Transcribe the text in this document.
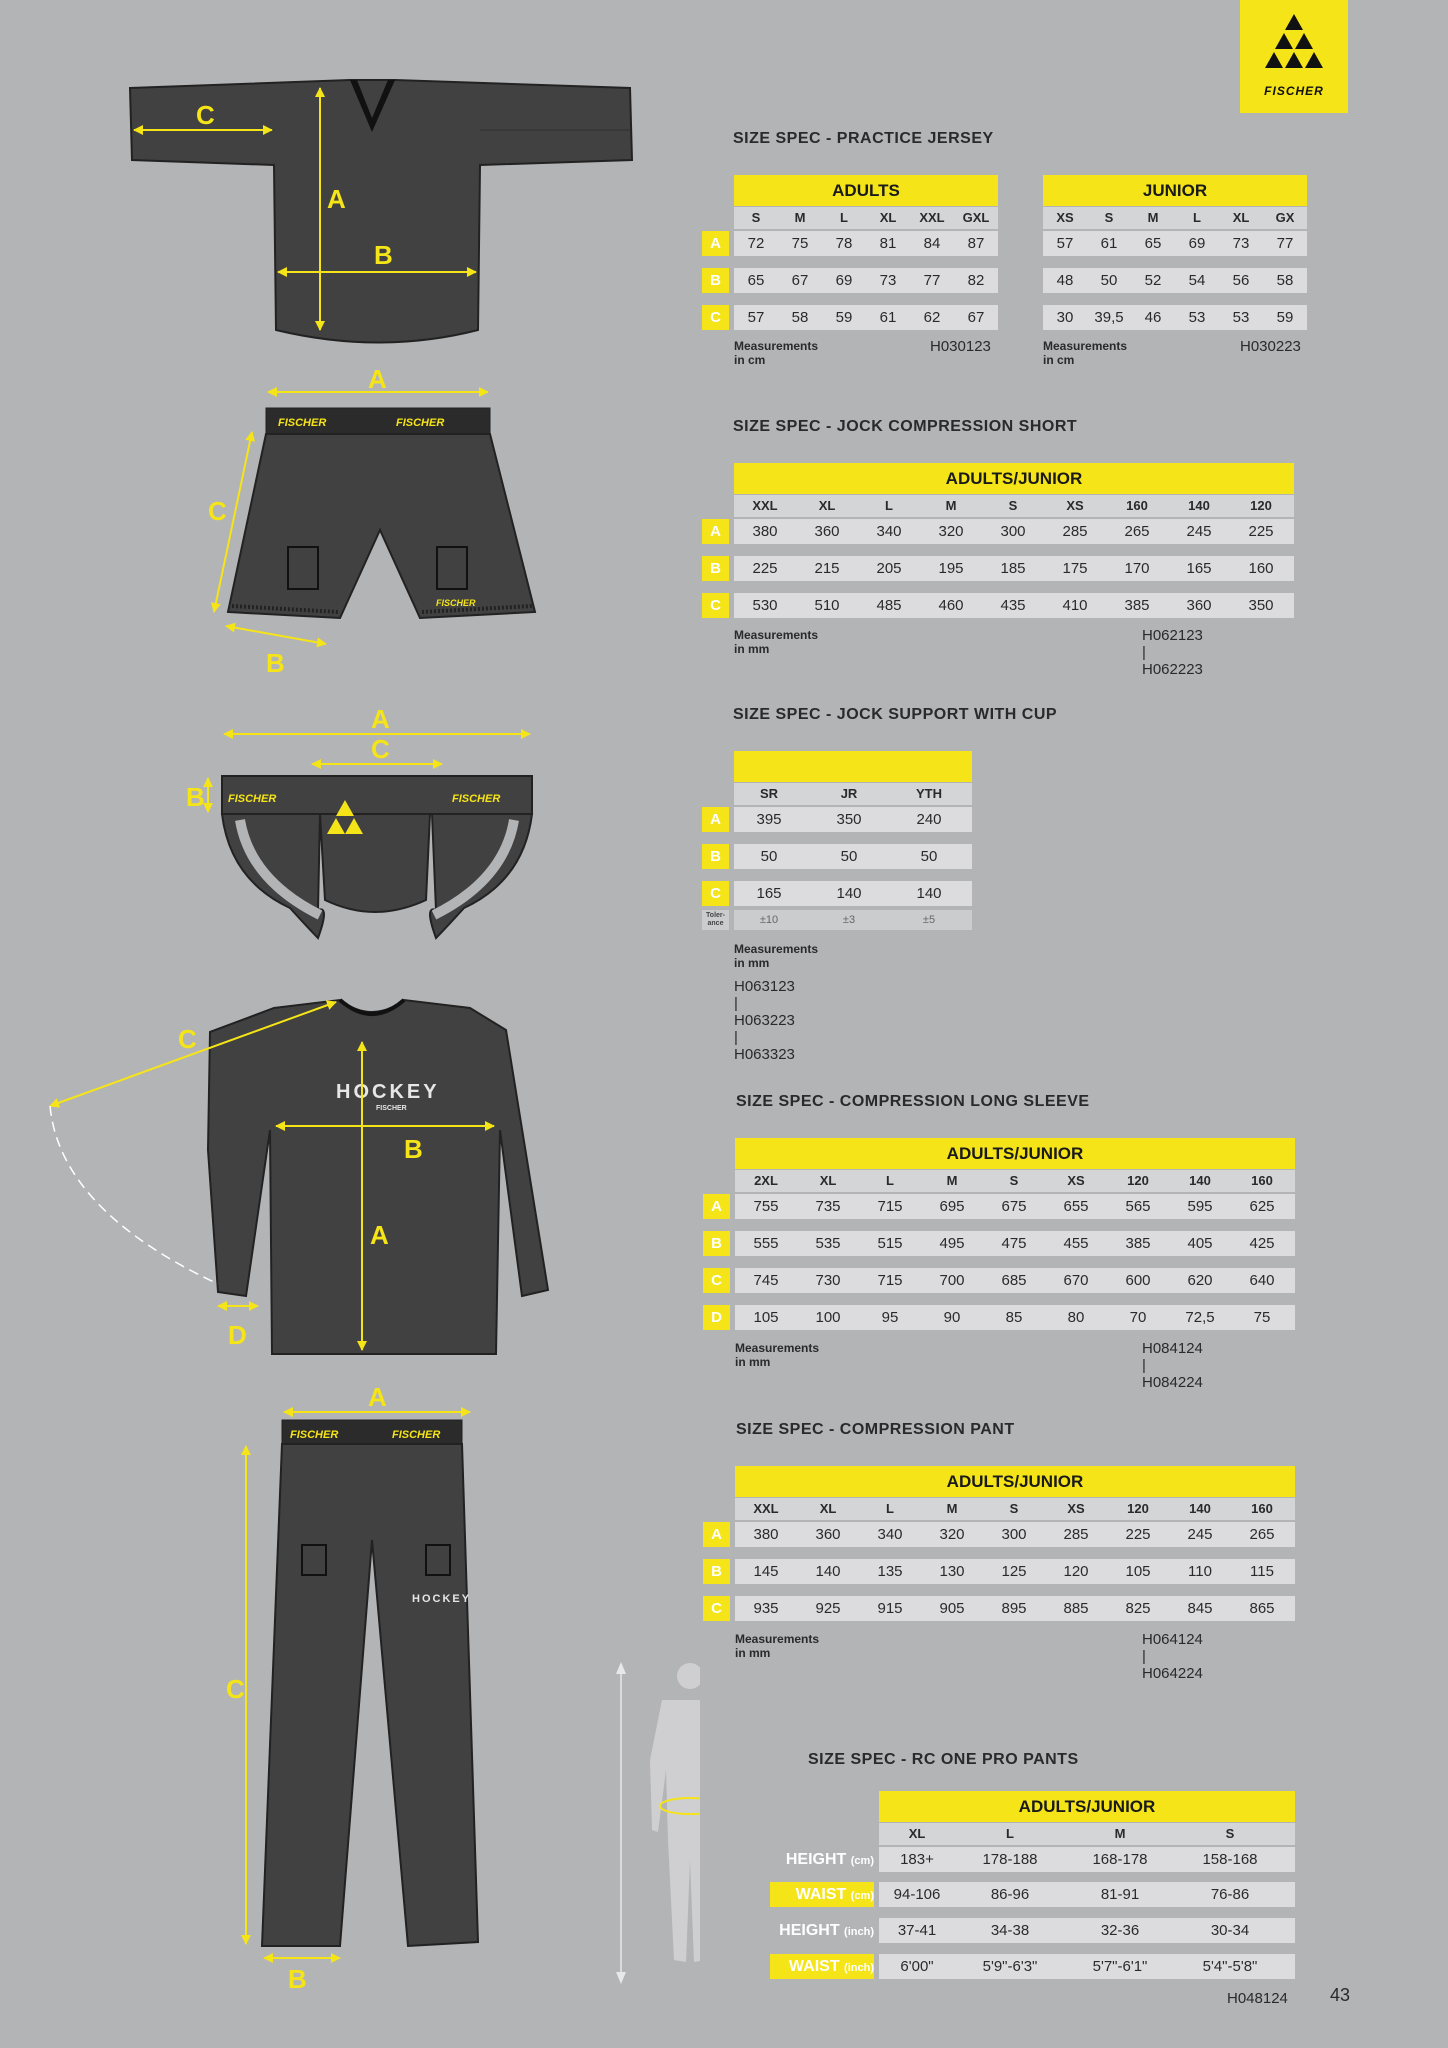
FISCHER
C
A
B
FISCHER	FISCHER
FISCHER
A
C
B
FISCHER	FISCHER
A
C
B
HOCKEY
FISCHER
C
B
A
D
FISCHER	FISCHER
HOCKEY
A
C
B
SIZE SPEC - PRACTICE JERSEY
ADULTS
S	M	L	XL	XXL	GXL
A	72	75	78	81	84	87
B	65	67	69	73	77	82
C	57	58	59	61	62	67
Measurements in cm
H030123
JUNIOR
XS	S	M	L	XL	GX
57	61	65	69	73	77
48	50	52	54	56	58
30	39,5	46	53	53	59
Measurements in cm
H030223
SIZE SPEC - JOCK COMPRESSION SHORT
ADULTS/JUNIOR
XXL	XL	L	M	S	XS	160	140	120
A	380	360	340	320	300	285	265	245	225
B	225	215	205	195	185	175	170	165	160
C	530	510	485	460	435	410	385	360	350
Measurements in mm
H062123 | H062223
SIZE SPEC - JOCK SUPPORT WITH CUP
SR	JR	YTH
A	395	350	240
B	50	50	50
C	165	140	140
Toler-ance	±10	±3	±5
Measurements in mm
H063123 | H063223 | H063323
SIZE SPEC - COMPRESSION LONG SLEEVE
ADULTS/JUNIOR
2XL	XL	L	M	S	XS	120	140	160
A	755	735	715	695	675	655	565	595	625
B	555	535	515	495	475	455	385	405	425
C	745	730	715	700	685	670	600	620	640
D	105	100	95	90	85	80	70	72,5	75
Measurements in mm
H084124 | H084224
SIZE SPEC - COMPRESSION PANT
ADULTS/JUNIOR
XXL	XL	L	M	S	XS	120	140	160
A	380	360	340	320	300	285	225	245	265
B	145	140	135	130	125	120	105	110	115
C	935	925	915	905	895	885	825	845	865
Measurements in mm
H064124 | H064224
SIZE SPEC - RC ONE PRO PANTS
ADULTS/JUNIOR
XL	L	M	S
HEIGHT (cm)	183+	178-188	168-178	158-168
WAIST (cm)	94-106	86-96	81-91	76-86
HEIGHT (inch)	37-41	34-38	32-36	30-34
WAIST (inch)	6'00"	5'9"-6'3"	5'7"-6'1"	5'4"-5'8"
H048124 43
